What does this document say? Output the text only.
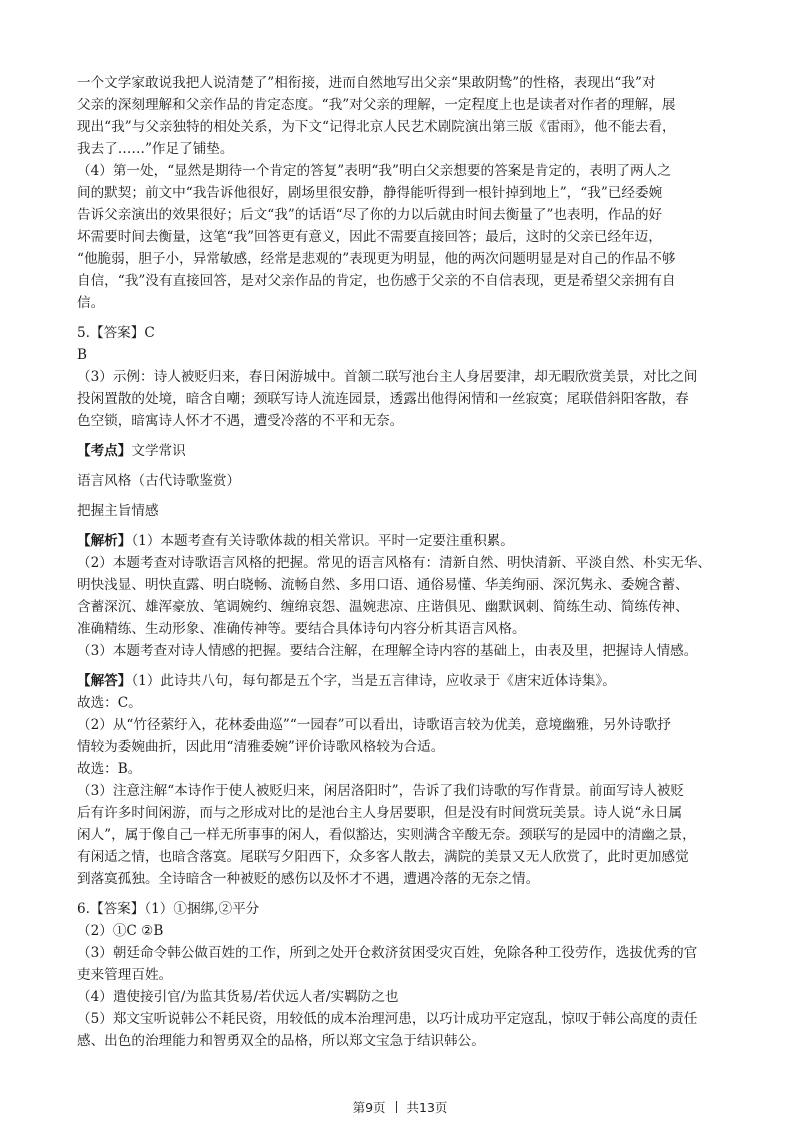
一个文学家敢说我把人说清楚了”相衔接，进而自然地写出父亲“果敢阴鸷”的性格，表现出“我”对
父亲的深刻理解和父亲作品的肯定态度。“我”对父亲的理解，一定程度上也是读者对作者的理解，展
现出“我”与父亲独特的相处关系，为下文“记得北京人民艺术剧院演出第三版《雷雨》，他不能去看，
我去了……”作足了铺垫。
（4）第一处，“显然是期待一个肯定的答复”表明“我”明白父亲想要的答案是肯定的，表明了两人之
间的默契；前文中“我告诉他很好，剧场里很安静，静得能听得到一根针掉到地上”，“我”已经委婉
告诉父亲演出的效果很好；后文“我”的话语“尽了你的力以后就由时间去衡量了”也表明，作品的好
坏需要时间去衡量，这笔“我”回答更有意义，因此不需要直接回答；最后，这时的父亲已经年迈，
“他脆弱，胆子小，异常敏感，经常是悲观的”表现更为明显，他的两次问题明显是对自己的作品不够
自信，“我”没有直接回答，是对父亲作品的肯定，也伤感于父亲的不自信表现，更是希望父亲拥有自
信。
5.【答案】C
B
（3）示例：诗人被贬归来，春日闲游城中。首颔二联写池台主人身居要津，却无暇欣赏美景，对比之间
投闲置散的处境，暗含自嘲；颈联写诗人流连园景，透露出他得闲情和一丝寂寞；尾联借斜阳客散，春
色空锁，暗寓诗人怀才不遇，遭受冷落的不平和无奈。
【考点】文学常识
语言风格（古代诗歌鉴赏）
把握主旨情感
【解析】（1）本题考查有关诗歌体裁的相关常识。平时一定要注重积累。
（2）本题考查对诗歌语言风格的把握。常见的语言风格有：清新自然、明快清新、平淡自然、朴实无华、
明快浅显、明快直露、明白晓畅、流畅自然、多用口语、通俗易懂、华美绚丽、深沉隽永、委婉含蓄、
含蓄深沉、雄浑豪放、笔调婉约、缠绵哀怨、温婉悲凉、庄谐俱见、幽默讽刺、简练生动、简练传神、
准确精练、生动形象、准确传神等。要结合具体诗句内容分析其语言风格。
（3）本题考查对诗人情感的把握。要结合注解，在理解全诗内容的基础上，由表及里，把握诗人情感。
【解答】（1）此诗共八句，每句都是五个字，当是五言律诗，应收录于《唐宋近体诗集》。
故选：C。
（2）从“竹径萦纡入，花林委曲巡”“一园春”可以看出，诗歌语言较为优美，意境幽雅，另外诗歌抒
情较为委婉曲折，因此用“清雅委婉”评价诗歌风格较为合适。
故选：B。
（3）注意注解“本诗作于使人被贬归来，闲居洛阳时”，告诉了我们诗歌的写作背景。前面写诗人被贬
后有许多时间闲游，而与之形成对比的是池台主人身居要职，但是没有时间赏玩美景。诗人说“永日属
闲人”，属于像自己一样无所事事的闲人，看似豁达，实则满含辛酸无奈。颈联写的是园中的清幽之景，
有闲适之情，也暗含落寞。尾联写夕阳西下，众多客人散去，满院的美景又无人欣赏了，此时更加感觉
到落寞孤独。全诗暗含一种被贬的感伤以及怀才不遇，遭遇冷落的无奈之情。
6.【答案】（1）①捆绑,②平分
（2）①C ②B
（3）朝廷命令韩公做百姓的工作，所到之处开仓救济贫困受灾百姓，免除各种工役劳作，选拔优秀的官
吏来管理百姓。
（4）遣使接引官/为监其货易/若伏远人者/实羁防之也
（5）郑文宝听说韩公不耗民资，用较低的成本治理河患，以巧计成功平定寇乱，惊叹于韩公高度的责任
感、出色的治理能力和智勇双全的品格，所以郑文宝急于结识韩公。
第9页 共13页
